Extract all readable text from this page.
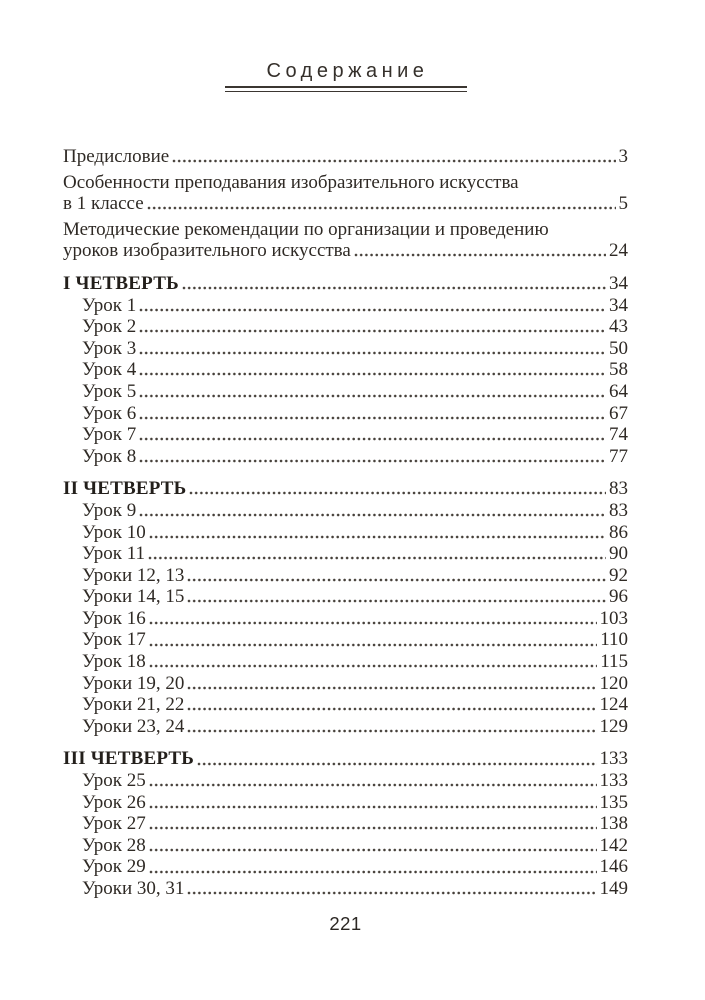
Содержание
Предисловие	3
Особенности преподавания изобразительного искусства
в 1 классе	5
Методические рекомендации по организации и проведению
уроков изобразительного искусства	24
I ЧЕТВЕРТЬ	34
Урок 1	34
Урок 2	43
Урок 3	50
Урок 4	58
Урок 5	64
Урок 6	67
Урок 7	74
Урок 8	77
II ЧЕТВЕРТЬ	83
Урок 9	83
Урок 10	86
Урок 11	90
Уроки 12, 13	92
Уроки 14, 15	96
Урок 16	103
Урок 17	110
Урок 18	115
Уроки 19, 20	120
Уроки 21, 22	124
Уроки 23, 24	129
III ЧЕТВЕРТЬ	133
Урок 25	133
Урок 26	135
Урок 27	138
Урок 28	142
Урок 29	146
Уроки 30, 31	149
221
